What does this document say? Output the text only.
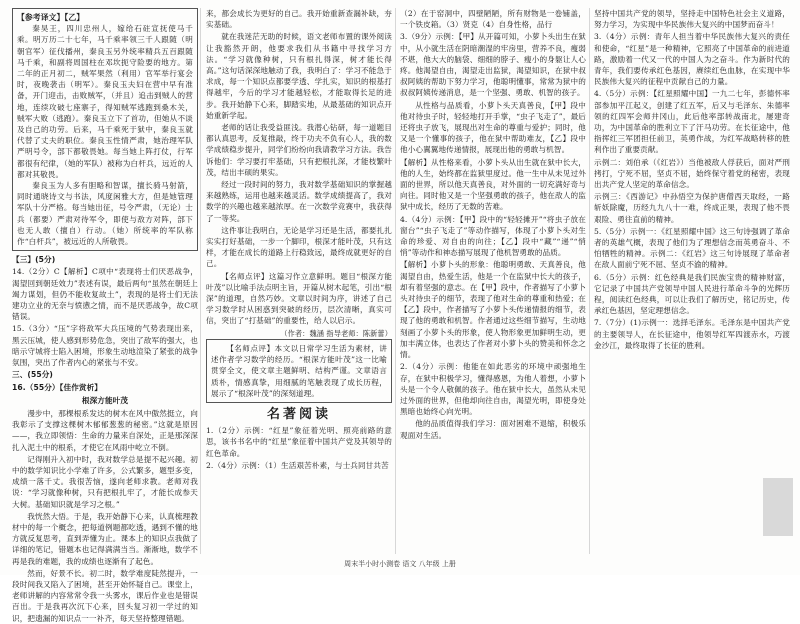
【参考译文】【乙】
秦昊王，四川忠州人，嫁给石砫宣抚使马千乘。明万历二十七年，马千乘率领三千人跟随（明朝官军）征伐播州，秦良玉另外统率精兵五百跟随马千乘，和副将周国柱在邓坎扼守险要的地方。第二年的正月初二，贼军果然（利用）官军举行宴会时，夜晚袭击（明军）。秦良玉夫妇在营中早有准备，开门迎击，击败贼军，（并且）追击到贼人的营地，连续攻破七座寨子，得知贼军逃跑到桑木关，贼军大败（逃跑）。秦良玉立下了首功，但她从不谈及自己的功劳。后来，马千乘死于狱中，秦良玉就代替了丈夫的职位。秦良玉性情严肃，她治理军队严明号令，部下都敬畏她。每当她上阵打仗，行军都很有纪律，（她的军队）被称为白杆兵，远近的人都对其敬畏。
秦良玉为人多有胆略和智谋，擅长骑马射箭，同时通晓诗文与书法，风度闲雅大方，但是她管理军队十分严格。每当她出征，号令严肃，（无论）士兵（都要）严肃对待军令，即使与敌方对阵，部下也无人敢（擅自）行动。（她）所统率的军队称作“白杆兵”，被远近的人所敬畏。
【三】(5分)
14.（2分）C【解析】C项中“表现将士们厌恶战争，渴望回到朝廷效力”表述有误，最后两句“虽然在朝廷上竭力谋划，但仍不能收复故土”，表现的是将士们无法建功立业的无奈与愤懑之情，而不是厌恶战争，故C项错误。
15.（3分）“压”字将敌军大兵压境的气势表现出来，黑云压城，使人感到形势危急，突出了敌军的强大，也暗示守城将士陷入困境，形象生动地渲染了紧张的战争氛围，突出了作者内心的紧张与不安。
三、(55分)
16.（55分）【佳作赏析】
根深方能叶茂
漫步中，那棵根系发达的树木在风中傲然挺立，向我彰示了支撑这棵树木郁郁葱葱的秘密。”这就是原因——，我立即领悟：生命的力量来自深处，正是那深深扎入泥土中的根系，才使它在风雨中屹立不倒。
记得刚升入初中时，我对数学总是提不起兴趣。初中的数学知识比小学难了许多，公式繁多，题型多变，成绩一落千丈。我很苦恼，遂向老师求教。老师对我说：“学习就像种树，只有把根扎牢了，才能长成参天大树。基础知识就是学习之根。”
我恍然大悟。于是，我开始静下心来，认真梳理教材中的每一个概念，把每道例题都吃透，遇到不懂的地方就反复思考，直到弄懂为止。课本上的知识点我做了详细的笔记，错题本也记得满满当当。渐渐地，数学不再是我的难题，我的成绩也逐渐有了起色。
然而，好景不长。初二时，数学难度陡然提升，一段时间我又陷入了困境，甚至开始怀疑自己。课堂上，老师讲解的内容常常令我一头雾水，课后作业也是错误百出。于是我再次沉下心来，回头复习初一学过的知识，把遗漏的知识点一一补齐，每天坚持整理错题。
来，都会成长为更好的自己。我开始重新查漏补缺，夯实基础。
就在我迷茫无助的时候，语文老师布置的课外阅读让我豁然开朗，他要求我们从书籍中寻找学习方法。“学习就像种树，只有根扎得深，树才能长得高。”这句话深深地触动了我，我明白了：学习不能急于求成，每一个知识点都要学透、学扎实，知识的根基打得越牢，今后的学习才能越轻松，才能取得长足的进步。我开始静下心来，脚踏实地，从最基础的知识点开始重新学起。
老师的话让我受益匪浅。我潜心钻研，每一道题目都认真思考，反复推敲，终于功夫不负有心人，我的数学成绩稳步提升，同学们纷纷向我请教学习方法。我告诉他们：学习要打牢基础，只有把根扎深，才能枝繁叶茂，结出丰硕的果实。
经过一段时间的努力，我对数学基础知识的掌握越来越熟练，运用也越来越灵活。数学成绩提高了，我对数学的兴趣也越来越浓厚。在一次数学竞赛中，我获得了一等奖。
这件事让我明白，无论是学习还是生活，都要扎扎实实打好基础，一步一个脚印，根深才能叶茂，只有这样，才能在成长的道路上行稳致远，最终成就更好的自己。
【名师点评】这篇习作立意鲜明。题目“根深方能叶茂”以比喻手法点明主旨，开篇从树木起笔，引出“根深”的道理，自然巧妙。文章以时间为序，讲述了自己学习数学时从困惑到突破的经历，层次清晰，真实可信，突出了“打基础”的重要性，给人以启示。
（作者：魏涵 指导老师：陈新蕾）
【名师点评】本文以日常学习生活为素材，讲述作者学习数学的经历。“根深方能叶茂”这一比喻贯穿全文，使文章主题鲜明、结构严谨。文章语言质朴，情感真挚，用细腻的笔触表现了成长历程，展示了“根深叶茂”的深刻道理。
名著阅读
1.（2分）示例：“红星”象征着光明、照亮前路的意思，该书书名中的“红星”象征着中国共产党及其领导的红色革命。
2.（4分）示例：（1）生活艰苦朴素，与士兵同甘共苦
（2）在于窑洞中，四壁陋陋，所有财物是一卷铺盖，一个铁皮箱。（3）贤克（4）自身性格，品行
3.（9分）示例：【甲】从开篇可知，小萝卜头出生在狱中，从小就生活在阴暗潮湿的牢房里，营养不良，瘦弱不堪，他大大的脑袋、细细的脖子、瘦小的身躯让人心疼。他渴望自由，渴望走出监狱，渴望知识，在狱中叔叔阿姨的帮助下努力学习，他聪明懂事，常常为狱中的叔叔阿姨传递消息，是一个坚强、勇敢、机智的孩子。
从性格与品质看，小萝卜头天真善良，【甲】段中他对待虫子时，轻轻地打开手掌，“虫子飞走了”，最后还将虫子放飞，展现出对生命的尊重与爱护；同时，他又是一个懂事的孩子，他在狱中帮助难友，【乙】段中他小心翼翼地传递情报，展现出他的勇敢与机智。
【解析】从性格来看，小萝卜头从出生就在狱中长大，他的人生，始终都在监狱里度过。他一生中从未见过外面的世界，所以他天真善良，对外面的一切充满好奇与向往。同时他又是一个坚强勇敢的孩子，他在敌人的监狱中成长，经历了无数的苦难。
4.（4分）示例：【甲】段中的“轻轻摊开”“将虫子放在窗台”“虫子飞走了”等动作描写，体现了小萝卜头对生命的珍爱、对自由的向往；【乙】段中“藏”“递”“悄悄”等动作和神态描写展现了他机智勇敢的品质。
【解析】小萝卜头的形象：他聪明勇敢、天真善良，他渴望自由，热爱生活，他是一个在监狱中长大的孩子，却有着坚强的意志。在【甲】段中，作者描写了小萝卜头对待虫子的细节，表现了他对生命的尊重和热爱；在【乙】段中，作者描写了小萝卜头传递情报的细节，表现了他的勇敢和机智。作者通过这些细节描写，生动地刻画了小萝卜头的形象，使人物形象更加鲜明生动，更加丰满立体，也表达了作者对小萝卜头的赞美和怀念之情。
2.（4分）示例：他能在如此恶劣的环境中顽强地生存，在狱中积极学习，懂得感恩，为他人着想，小萝卜头是一个令人敬佩的孩子。他在狱中长大，虽然从未见过外面的世界，但他却向往自由，渴望光明，即使身处黑暗也始终心向光明。
他的品质值得我们学习：面对困难不退缩，积极乐观面对生活。
坚持中国共产党的领导，坚持走中国特色社会主义道路，努力学习，为实现中华民族伟大复兴的中国梦而奋斗！
3.（4分）示例：青年人担当着中华民族伟大复兴的责任和使命，“红星”是一种精神，它照亮了中国革命的前进道路，激励着一代又一代的中国人为之奋斗。作为新时代的青年，我们要传承红色基因，赓续红色血脉，在实现中华民族伟大复兴的征程中贡献自己的力量。
4.（5分）示例：【红星照耀中国】一九二七年，彭德怀率部参加平江起义，创建了红五军，后又与毛泽东、朱德率领的红四军会师井冈山，此后他率部转战南北，屡建奇功，为中国革命的胜利立下了汗马功劳。在长征途中，他指挥红三军团担任前卫，英勇作战，为红军战略转移的胜利作出了重要贡献。
示例二：刘伯承（《红岩》）当他被敌人俘获后，面对严刑拷打，宁死不屈，坚贞不屈，始终保守着党的秘密，表现出共产党人坚定的革命信念。
示例三：《西游记》中孙悟空为保护唐僧西天取经，一路斩妖除魔，历经九九八十一难，终成正果，表现了他不畏艰险、勇往直前的精神。
5.（5分）示例一：《红星照耀中国》这三句诗强调了革命者的英雄气概，表现了他们为了理想信念而英勇奋斗、不怕牺牲的精神。示例二：《红岩》这三句诗展现了革命者在敌人面前宁死不屈、坚贞不渝的精神。
6.（5分）示例：红色经典是我们民族宝贵的精神财富，它记录了中国共产党领导中国人民进行革命斗争的光辉历程，阅读红色经典，可以让我们了解历史，铭记历史，传承红色基因，坚定理想信念。
7.（7分）(1)示例一：选择毛泽东。毛泽东是中国共产党的主要领导人，在长征途中，他领导红军四渡赤水，巧渡金沙江，最终取得了长征的胜利。
周末半小时小测卷 语文 八年级 上册
